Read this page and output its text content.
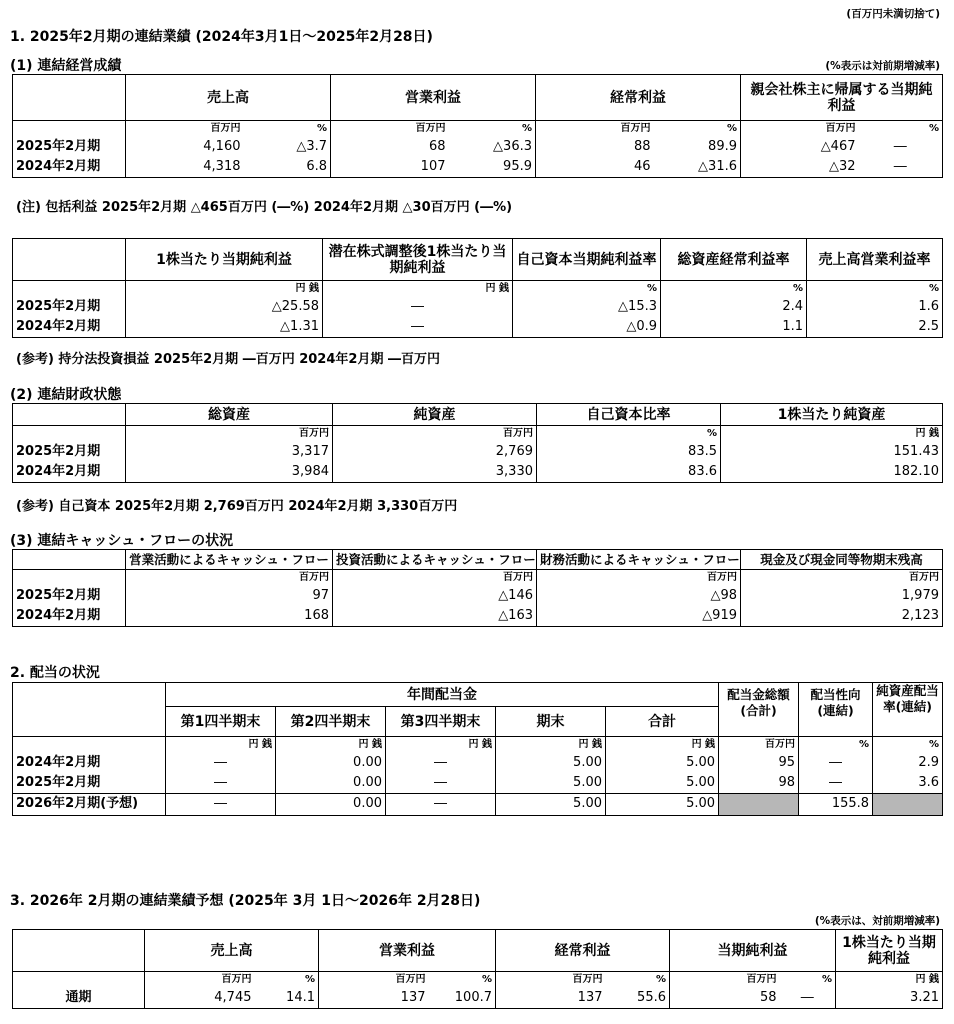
(百万円未満切捨て)
1. 2025年2月期の連結業績 (2024年3月1日～2025年2月28日)
(1) 連結経営成績	(%表示は対前期増減率)
	売上高		営業利益		経常利益		親会社株主に帰属する当期純利益	
	百万円	%	百万円	%	百万円	%	百万円	%
2025年2月期	4,160	△3.7	68	△36.3	88	89.9	△467	―
2024年2月期	4,318	6.8	107	95.9	46	△31.6	△32	―
(注) 包括利益 2025年2月期 △465百万円 (―%) 2024年2月期 △30百万円 (―%)
	1株当たり当期純利益	潜在株式調整後1株当たり当期純利益	自己資本当期純利益率	総資産経常利益率	売上高営業利益率
	円 銭	円 銭	%	%	%
2025年2月期	△25.58	―	△15.3	2.4	1.6
2024年2月期	△1.31	―	△0.9	1.1	2.5
(参考) 持分法投資損益 2025年2月期 ―百万円 2024年2月期 ―百万円
(2) 連結財政状態
	総資産	純資産	自己資本比率	1株当たり純資産
	百万円	百万円	%	円 銭
2025年2月期	3,317	2,769	83.5	151.43
2024年2月期	3,984	3,330	83.6	182.10
(参考) 自己資本 2025年2月期 2,769百万円 2024年2月期 3,330百万円
(3) 連結キャッシュ・フローの状況
	営業活動によるキャッシュ・フロー	投資活動によるキャッシュ・フロー	財務活動によるキャッシュ・フロー	現金及び現金同等物期末残高
	百万円	百万円	百万円	百万円
2025年2月期	97	△146	△98	1,979
2024年2月期	168	△163	△919	2,123
2. 配当の状況
	年間配当金					配当金総額(合計)	配当性向(連結)	純資産配当率(連結)
	第1四半期末	第2四半期末	第3四半期末	期末	合計			
	円 銭	円 銭	円 銭	円 銭	円 銭	百万円	%	%
2024年2月期	―	0.00	―	5.00	5.00	95	―	2.9
2025年2月期	―	0.00	―	5.00	5.00	98	―	3.6
2026年2月期(予想)	―	0.00	―	5.00	5.00		155.8	
3. 2026年 2月期の連結業績予想 (2025年 3月 1日～2026年 2月28日)
(%表示は、対前期増減率)
	売上高		営業利益		経常利益		当期純利益		1株当たり当期純利益
	百万円	%	百万円	%	百万円	%	百万円	%	円 銭
通期	4,745	14.1	137	100.7	137	55.6	58	―	3.21
